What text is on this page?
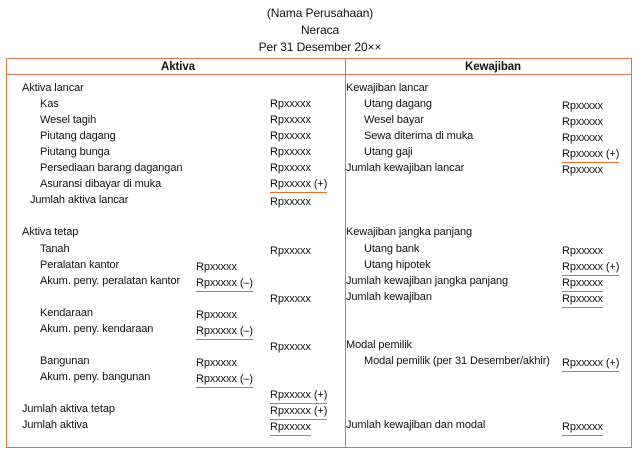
(Nama Perusahaan)
Neraca
Per 31 Desember 20××
Aktiva	Kewajiban
Aktiva lancar
Kas	Rpxxxxx
Wesel tagih	Rpxxxxx
Piutang dagang	Rpxxxxx
Piutang bunga	Rpxxxxx
Persediaan barang dagangan	Rpxxxxx
Asuransi dibayar di muka	Rpxxxxx (+)
Jumlah aktiva lancar	Rpxxxxx
Aktiva tetap
Tanah	Rpxxxxx
Peralatan kantor	Rpxxxxx
Akum. peny. peralatan kantor Rpxxxxx (–)
Rpxxxxx
Kendaraan	Rpxxxxx
Akum. peny. kendaraan	Rpxxxxx (–)
Rpxxxxx
Bangunan	Rpxxxxx
Akum. peny. bangunan	Rpxxxxx (–)
Rpxxxxx (+)
Jumlah aktiva tetap	Rpxxxxx (+)
Jumlah aktiva	Rpxxxxx
Kewajiban lancar
Utang dagang	Rpxxxxx
Wesel bayar	Rpxxxxx
Sewa diterima di muka	Rpxxxxx
Utang gaji	Rpxxxxx (+)
Jumlah kewajiban lancar	Rpxxxxx
Kewajiban jangka panjang
Utang bank	Rpxxxxx
Utang hipotek	Rpxxxxx (+)
Jumlah kewajiban jangka panjang	Rpxxxxx
Jumlah kewajiban	Rpxxxxx
Modal pemilik
Modal pemilik (per 31 Desember/akhir) Rpxxxxx (+)
Jumlah kewajiban dan modal	Rpxxxxx
